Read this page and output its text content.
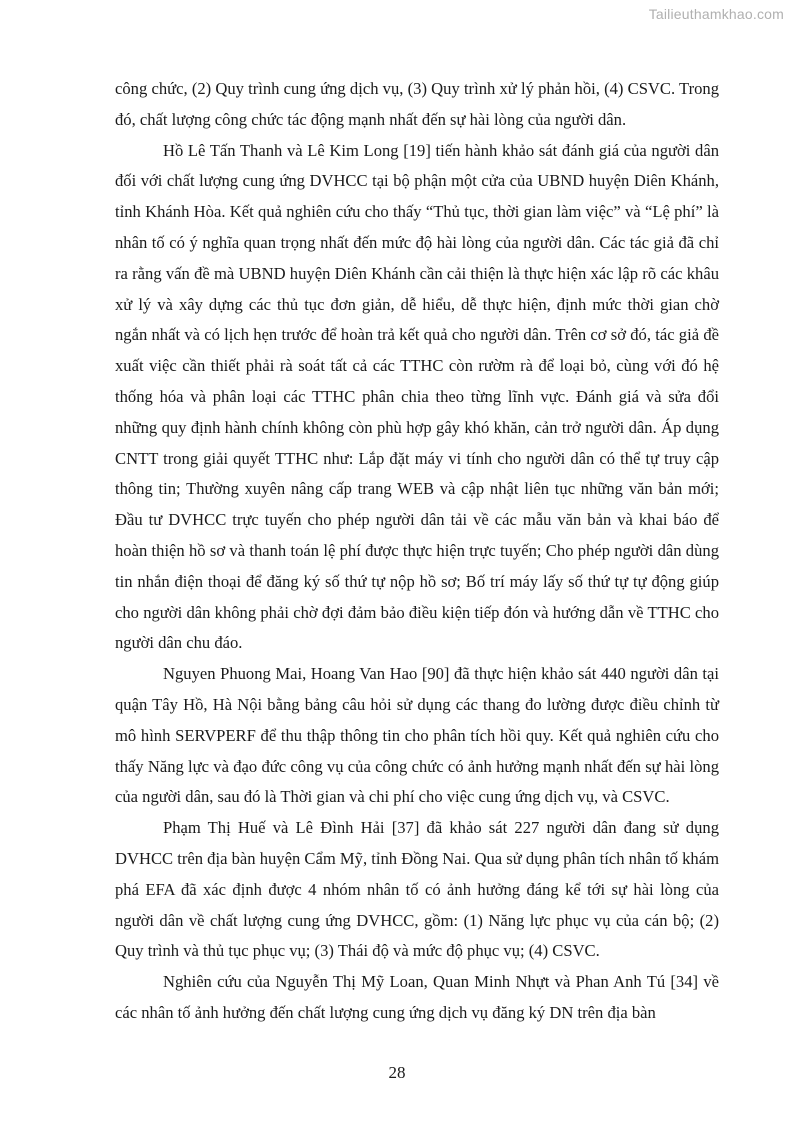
Tailieuthamkhao.com

công chức, (2) Quy trình cung ứng dịch vụ, (3) Quy trình xử lý phản hồi, (4) CSVC. Trong đó, chất lượng công chức tác động mạnh nhất đến sự hài lòng của người dân.

Hồ Lê Tấn Thanh và Lê Kim Long [19] tiến hành khảo sát đánh giá của người dân đối với chất lượng cung ứng DVHCC tại bộ phận một cửa của UBND huyện Diên Khánh, tỉnh Khánh Hòa. Kết quả nghiên cứu cho thấy “Thủ tục, thời gian làm việc” và “Lệ phí” là nhân tố có ý nghĩa quan trọng nhất đến mức độ hài lòng của người dân. Các tác giả đã chỉ ra rằng vấn đề mà UBND huyện Diên Khánh cần cải thiện là thực hiện xác lập rõ các khâu xử lý và xây dựng các thủ tục đơn giản, dễ hiểu, dễ thực hiện, định mức thời gian chờ ngắn nhất và có lịch hẹn trước để hoàn trả kết quả cho người dân. Trên cơ sở đó, tác giả đề xuất việc cần thiết phải rà soát tất cả các TTHC còn rườm rà để loại bỏ, cùng với đó hệ thống hóa và phân loại các TTHC phân chia theo từng lĩnh vực. Đánh giá và sửa đổi những quy định hành chính không còn phù hợp gây khó khăn, cản trở người dân. Áp dụng CNTT trong giải quyết TTHC như: Lắp đặt máy vi tính cho người dân có thể tự truy cập thông tin; Thường xuyên nâng cấp trang WEB và cập nhật liên tục những văn bản mới; Đầu tư DVHCC trực tuyến cho phép người dân tải về các mẫu văn bản và khai báo để hoàn thiện hồ sơ và thanh toán lệ phí được thực hiện trực tuyến; Cho phép người dân dùng tin nhắn điện thoại để đăng ký số thứ tự nộp hồ sơ; Bố trí máy lấy số thứ tự tự động giúp cho người dân không phải chờ đợi đảm bảo điều kiện tiếp đón và hướng dẫn về TTHC cho người dân chu đáo.

Nguyen Phuong Mai, Hoang Van Hao [90] đã thực hiện khảo sát 440 người dân tại quận Tây Hồ, Hà Nội bằng bảng câu hỏi sử dụng các thang đo lường được điều chỉnh từ mô hình SERVPERF để thu thập thông tin cho phân tích hồi quy. Kết quả nghiên cứu cho thấy Năng lực và đạo đức công vụ của công chức có ảnh hưởng mạnh nhất đến sự hài lòng của người dân, sau đó là Thời gian và chi phí cho việc cung ứng dịch vụ, và CSVC.

Phạm Thị Huế và Lê Đình Hải [37] đã khảo sát 227 người dân đang sử dụng DVHCC trên địa bàn huyện Cẩm Mỹ, tỉnh Đồng Nai. Qua sử dụng phân tích nhân tố khám phá EFA đã xác định được 4 nhóm nhân tố có ảnh hưởng đáng kể tới sự hài lòng của người dân về chất lượng cung ứng DVHCC, gồm: (1) Năng lực phục vụ của cán bộ; (2) Quy trình và thủ tục phục vụ; (3) Thái độ và mức độ phục vụ; (4) CSVC.

Nghiên cứu của Nguyễn Thị Mỹ Loan, Quan Minh Nhựt và Phan Anh Tú [34] về các nhân tố ảnh hưởng đến chất lượng cung ứng dịch vụ đăng ký DN trên địa bàn

28
